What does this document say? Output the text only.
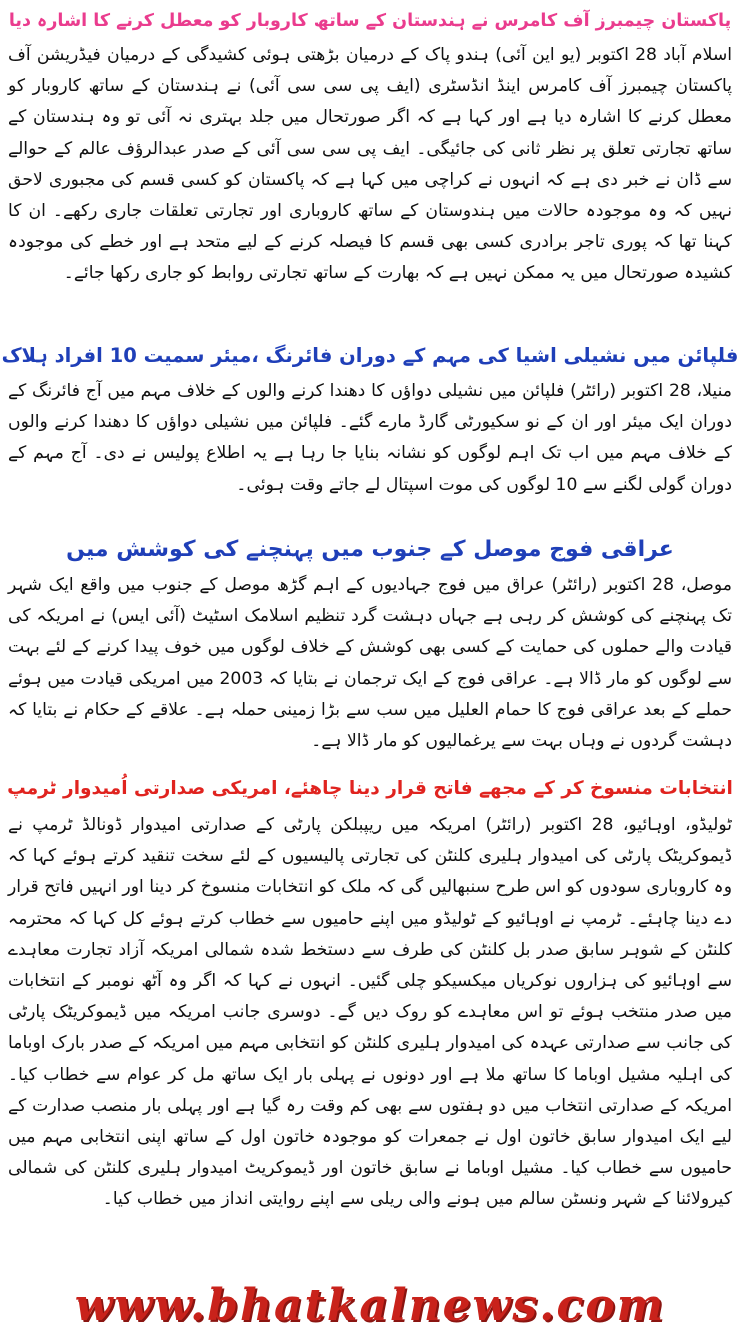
پاکستان چیمبرز آف کامرس نے ہندستان کے ساتھ کاروبار کو معطل کرنے کا اشارہ دیا

اسلام آباد 28 اکتوبر (یو این آئی) ہندو پاک کے درمیان بڑھتی ہوئی کشیدگی کے درمیان فیڈریشن آف پاکستان چیمبرز آف کامرس اینڈ انڈسٹری (ایف پی سی سی آئی) نے ہندستان کے ساتھ کاروبار کو معطل کرنے کا اشارہ دیا ہے اور کہا ہے کہ اگر صورتحال میں جلد بہتری نہ آئی تو وہ ہندستان کے ساتھ تجارتی تعلق پر نظر ثانی کی جائیگی۔ ایف پی سی سی آئی کے صدر عبدالرؤف عالم کے حوالے سے ڈان نے خبر دی ہے کہ انہوں نے کراچی میں کہا ہے کہ پاکستان کو کسی قسم کی مجبوری لاحق نہیں کہ وہ موجودہ حالات میں ہندوستان کے ساتھ کاروباری اور تجارتی تعلقات جاری رکھے۔ ان کا کہنا تھا کہ پوری تاجر برادری کسی بھی قسم کا فیصلہ کرنے کے لیے متحد ہے اور خطے کی موجودہ کشیدہ صورتحال میں یہ ممکن نہیں ہے کہ بھارت کے ساتھ تجارتی روابط کو جاری رکھا جائے۔

فلپائن میں نشیلی اشیا کی مہم کے دوران فائرنگ ،میئر سمیت 10 افراد ہلاک

منیلا، 28 اکتوبر (رائٹر) فلپائن میں نشیلی دواؤں کا دھندا کرنے والوں کے خلاف مہم میں آج فائرنگ کے دوران ایک میئر اور ان کے نو سکیورٹی گارڈ مارے گئے۔ فلپائن میں نشیلی دواؤں کا دھندا کرنے والوں کے خلاف مہم میں اب تک اہم لوگوں کو نشانہ بنایا جا رہا ہے یہ اطلاع پولیس نے دی۔ آج مہم کے دوران گولی لگنے سے 10 لوگوں کی موت اسپتال لے جاتے وقت ہوئی۔

عراقی فوج موصل کے جنوب میں پہنچنے کی کوشش میں

موصل، 28 اکتوبر (رائٹر) عراق میں فوج جہادیوں کے اہم گڑھ موصل کے جنوب میں واقع ایک شہر تک پہنچنے کی کوشش کر رہی ہے جہاں دہشت گرد تنظیم اسلامک اسٹیٹ (آئی ایس) نے امریکہ کی قیادت والے حملوں کی حمایت کے کسی بھی کوشش کے خلاف لوگوں میں خوف پیدا کرنے کے لئے بہت سے لوگوں کو مار ڈالا ہے۔ عراقی فوج کے ایک ترجمان نے بتایا کہ 2003 میں امریکی قیادت میں ہوئے حملے کے بعد عراقی فوج کا حمام العلیل میں سب سے بڑا زمینی حملہ ہے۔ علاقے کے حکام نے بتایا کہ دہشت گردوں نے وہاں بہت سے یرغمالیوں کو مار ڈالا ہے۔

انتخابات منسوخ کر کے مجھے فاتح قرار دینا چاھئے، امریکی صدارتی اُمیدوار ٹرمپ

ٹولیڈو، اوہائیو، 28 اکتوبر (رائٹر) امریکہ میں ریپبلکن پارٹی کے صدارتی امیدوار ڈونالڈ ٹرمپ نے ڈیموکریٹک پارٹی کی امیدوار ہلیری کلنٹن کی تجارتی پالیسیوں کے لئے سخت تنقید کرتے ہوئے کہا کہ وہ کاروباری سودوں کو اس طرح سنبھالیں گی کہ ملک کو انتخابات منسوخ کر دینا اور انہیں فاتح قرار دے دینا چاہئے۔ ٹرمپ نے اوہائیو کے ٹولیڈو میں اپنے حامیوں سے خطاب کرتے ہوئے کل کہا کہ محترمہ کلنٹن کے شوہر سابق صدر بل کلنٹن کی طرف سے دستخط شدہ شمالی امریکہ آزاد تجارت معاہدے سے اوہائیو کی ہزاروں نوکریاں میکسیکو چلی گئیں۔ انہوں نے کہا کہ اگر وہ آٹھ نومبر کے انتخابات میں صدر منتخب ہوئے تو اس معاہدے کو روک دیں گے۔ دوسری جانب امریکہ میں ڈیموکریٹک پارٹی کی جانب سے صدارتی عہدہ کی امیدوار ہلیری کلنٹن کو انتخابی مہم میں امریکہ کے صدر بارک اوباما کی اہلیہ مشیل اوباما کا ساتھ ملا ہے اور دونوں نے پہلی بار ایک ساتھ مل کر عوام سے خطاب کیا۔ امریکہ کے صدارتی انتخاب میں دو ہفتوں سے بھی کم وقت رہ گیا ہے اور پہلی بار منصب صدارت کے لیے ایک امیدوار سابق خاتون اول نے جمعرات کو موجودہ خاتون اول کے ساتھ اپنی انتخابی مہم میں حامیوں سے خطاب کیا۔ مشیل اوباما نے سابق خاتون اور ڈیموکریٹ امیدوار ہلیری کلنٹن کی شمالی کیرولائنا کے شہر ونسٹن سالم میں ہونے والی ریلی سے اپنے روایتی انداز میں خطاب کیا۔

www.bhatkalnews.com
